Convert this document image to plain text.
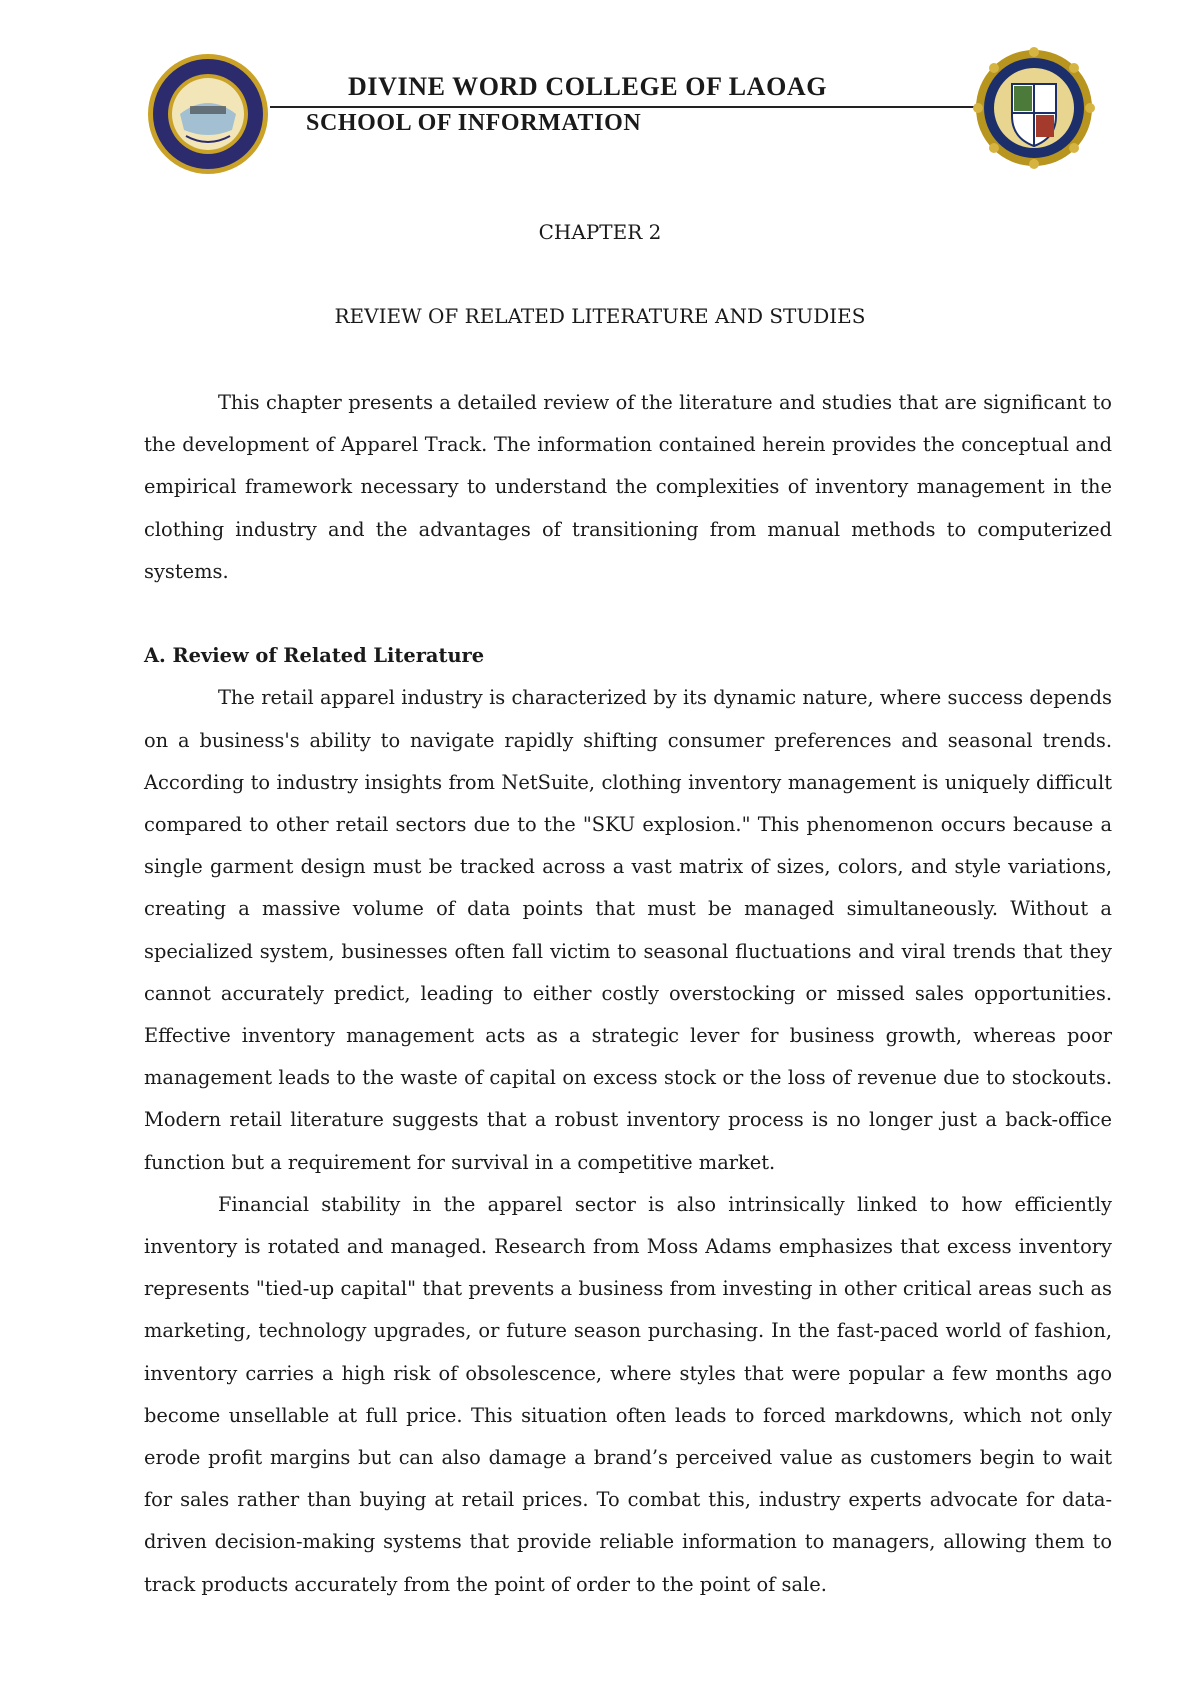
DIVINE WORD COLLEGE OF LAOAG
SCHOOL OF INFORMATION
CHAPTER 2
REVIEW OF RELATED LITERATURE AND STUDIES

This chapter presents a detailed review of the literature and studies that are significant to the development of Apparel Track. The information contained herein provides the conceptual and empirical framework necessary to understand the complexities of inventory management in the clothing industry and the advantages of transitioning from manual methods to computerized systems.

A. Review of Related Literature

The retail apparel industry is characterized by its dynamic nature, where success depends on a business's ability to navigate rapidly shifting consumer preferences and seasonal trends. According to industry insights from NetSuite, clothing inventory management is uniquely difficult compared to other retail sectors due to the "SKU explosion." This phenomenon occurs because a single garment design must be tracked across a vast matrix of sizes, colors, and style variations, creating a massive volume of data points that must be managed simultaneously. Without a specialized system, businesses often fall victim to seasonal fluctuations and viral trends that they cannot accurately predict, leading to either costly overstocking or missed sales opportunities. Effective inventory management acts as a strategic lever for business growth, whereas poor management leads to the waste of capital on excess stock or the loss of revenue due to stockouts. Modern retail literature suggests that a robust inventory process is no longer just a back-office function but a requirement for survival in a competitive market.

Financial stability in the apparel sector is also intrinsically linked to how efficiently inventory is rotated and managed. Research from Moss Adams emphasizes that excess inventory represents "tied-up capital" that prevents a business from investing in other critical areas such as marketing, technology upgrades, or future season purchasing. In the fast-paced world of fashion, inventory carries a high risk of obsolescence, where styles that were popular a few months ago become unsellable at full price. This situation often leads to forced markdowns, which not only erode profit margins but can also damage a brand’s perceived value as customers begin to wait for sales rather than buying at retail prices. To combat this, industry experts advocate for data-driven decision-making systems that provide reliable information to managers, allowing them to track products accurately from the point of order to the point of sale.
